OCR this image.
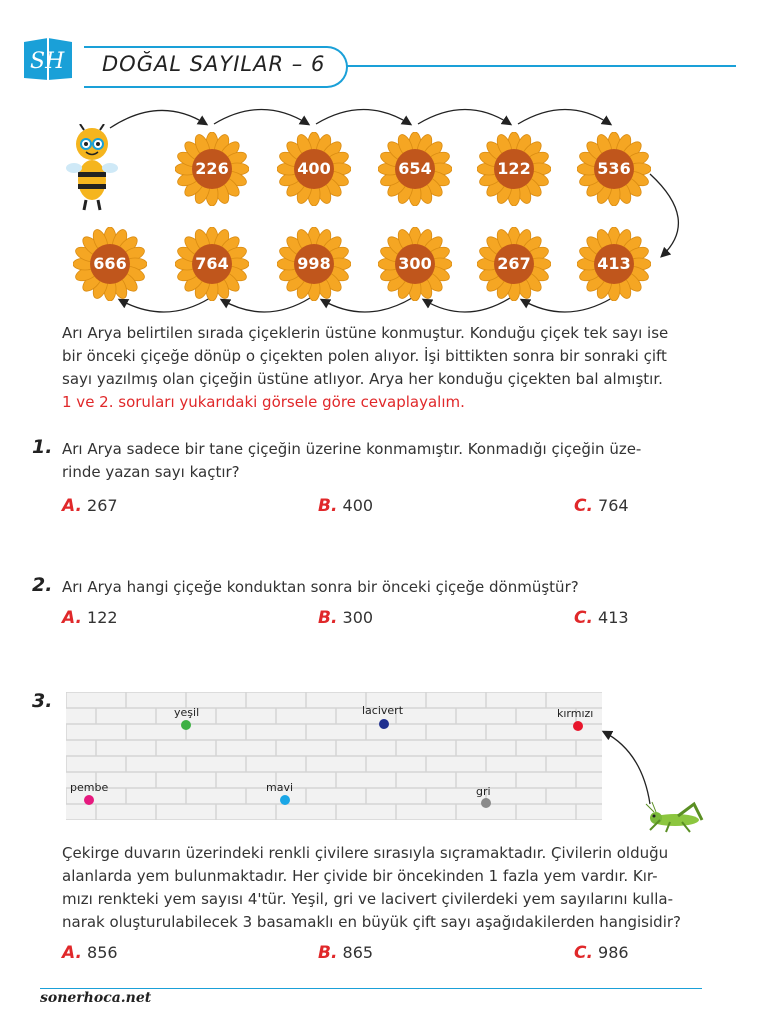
SH DOĞAL SAYILAR – 6
226	400	654	122	536
666	764	998	300	267	413
Arı Arya belirtilen sırada çiçeklerin üstüne konmuştur. Konduğu çiçek tek sayı ise
bir önceki çiçeğe dönüp o çiçekten polen alıyor. İşi bittikten sonra bir sonraki çift
sayı yazılmış olan çiçeğin üstüne atlıyor. Arya her konduğu çiçekten bal almıştır.
1 ve 2. soruları yukarıdaki görsele göre cevaplayalım.
1. Arı Arya sadece bir tane çiçeğin üzerine konmamıştır. Konmadığı çiçeğin üze-
rinde yazan sayı kaçtır?
A. 267	B. 400	C. 764
2. Arı Arya hangi çiçeğe konduktan sonra bir önceki çiçeğe dönmüştür?
A. 122	B. 300	C. 413
3.
yeşil	lacivert	kırmızı
pembe	mavi	gri
Çekirge duvarın üzerindeki renkli çivilere sırasıyla sıçramaktadır. Çivilerin olduğu
alanlarda yem bulunmaktadır. Her çivide bir öncekinden 1 fazla yem vardır. Kır-
mızı renkteki yem sayısı 4'tür. Yeşil, gri ve lacivert çivilerdeki yem sayılarını kulla-
narak oluşturulabilecek 3 basamaklı en büyük çift sayı aşağıdakilerden hangisidir?
A. 856	B. 865	C. 986
sonerhoca.net
